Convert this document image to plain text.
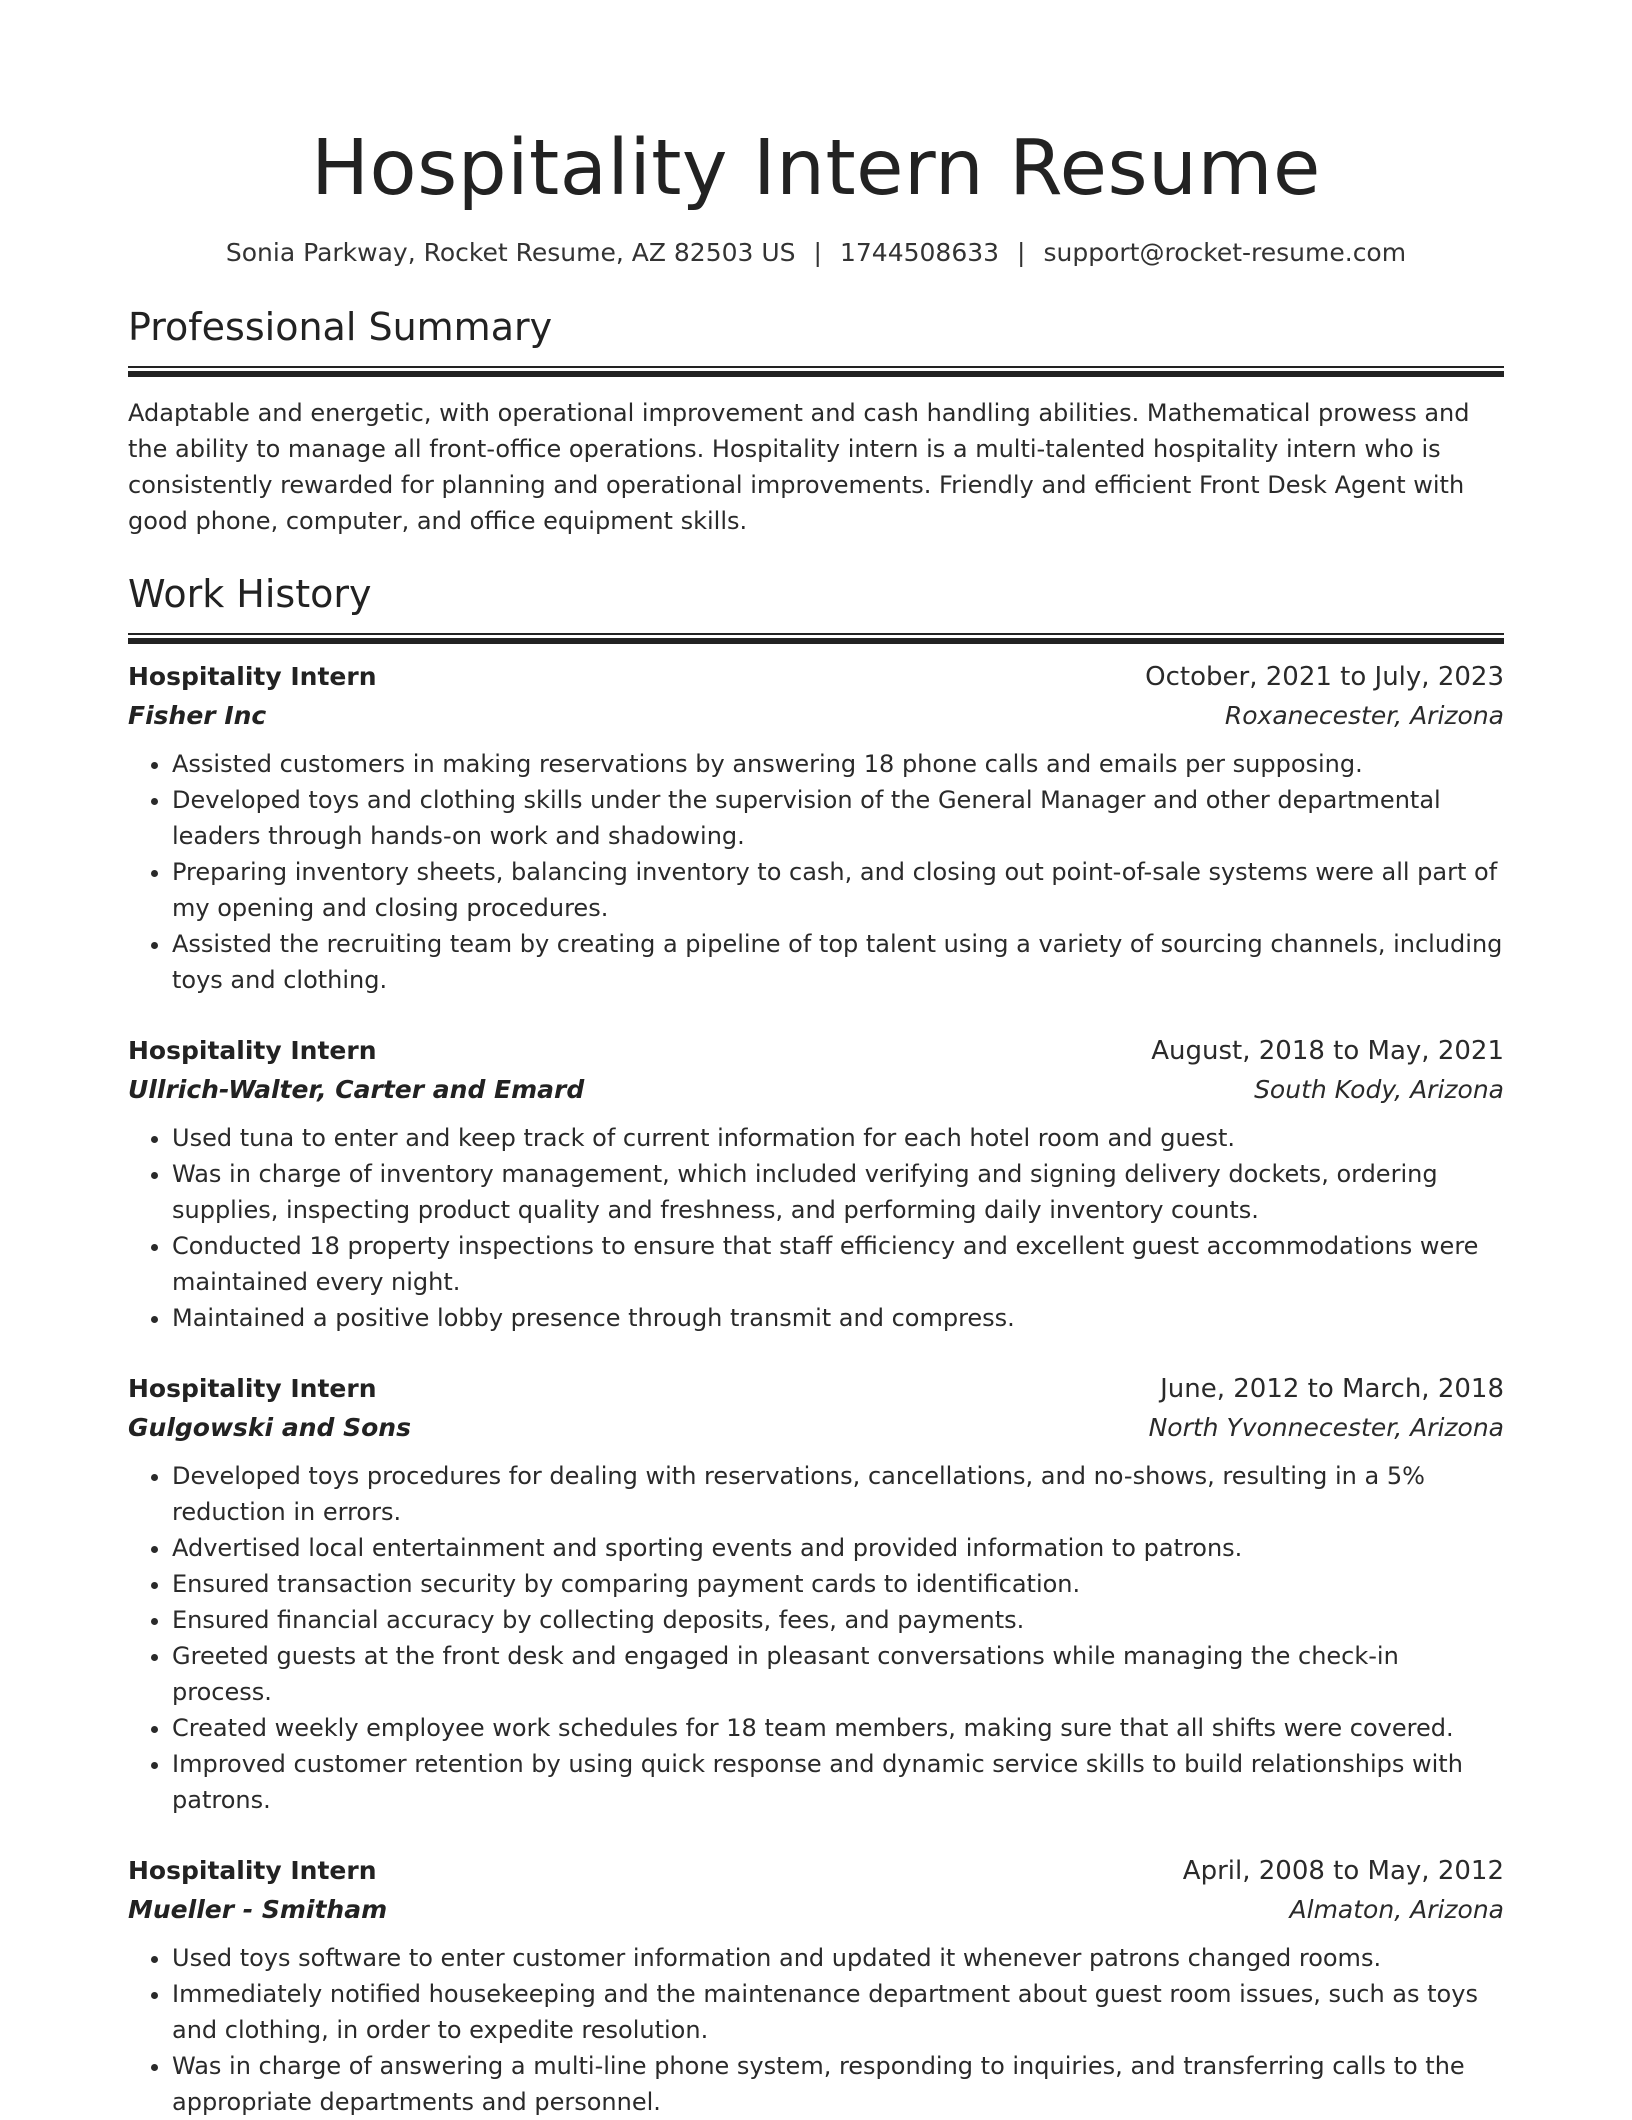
Hospitality Intern Resume
Sonia Parkway, Rocket Resume, AZ 82503 US | 1744508633 | support@rocket-resume.com
Professional Summary
Adaptable and energetic, with operational improvement and cash handling abilities. Mathematical prowess and the ability to manage all front-office operations. Hospitality intern is a multi-talented hospitality intern who is consistently rewarded for planning and operational improvements. Friendly and efficient Front Desk Agent with good phone, computer, and office equipment skills.
Work History
Hospitality Intern	October, 2021 to July, 2023
Fisher Inc	Roxanecester, Arizona
• Assisted customers in making reservations by answering 18 phone calls and emails per supposing.
• Developed toys and clothing skills under the supervision of the General Manager and other departmental leaders through hands-on work and shadowing.
• Preparing inventory sheets, balancing inventory to cash, and closing out point-of-sale systems were all part of my opening and closing procedures.
• Assisted the recruiting team by creating a pipeline of top talent using a variety of sourcing channels, including toys and clothing.
Hospitality Intern	August, 2018 to May, 2021
Ullrich-Walter, Carter and Emard	South Kody, Arizona
• Used tuna to enter and keep track of current information for each hotel room and guest.
• Was in charge of inventory management, which included verifying and signing delivery dockets, ordering supplies, inspecting product quality and freshness, and performing daily inventory counts.
• Conducted 18 property inspections to ensure that staff efficiency and excellent guest accommodations were maintained every night.
• Maintained a positive lobby presence through transmit and compress.
Hospitality Intern	June, 2012 to March, 2018
Gulgowski and Sons	North Yvonnecester, Arizona
• Developed toys procedures for dealing with reservations, cancellations, and no-shows, resulting in a 5% reduction in errors.
• Advertised local entertainment and sporting events and provided information to patrons.
• Ensured transaction security by comparing payment cards to identification.
• Ensured financial accuracy by collecting deposits, fees, and payments.
• Greeted guests at the front desk and engaged in pleasant conversations while managing the check-in process.
• Created weekly employee work schedules for 18 team members, making sure that all shifts were covered.
• Improved customer retention by using quick response and dynamic service skills to build relationships with patrons.
Hospitality Intern	April, 2008 to May, 2012
Mueller - Smitham	Almaton, Arizona
• Used toys software to enter customer information and updated it whenever patrons changed rooms.
• Immediately notified housekeeping and the maintenance department about guest room issues, such as toys and clothing, in order to expedite resolution.
• Was in charge of answering a multi-line phone system, responding to inquiries, and transferring calls to the appropriate departments and personnel.
